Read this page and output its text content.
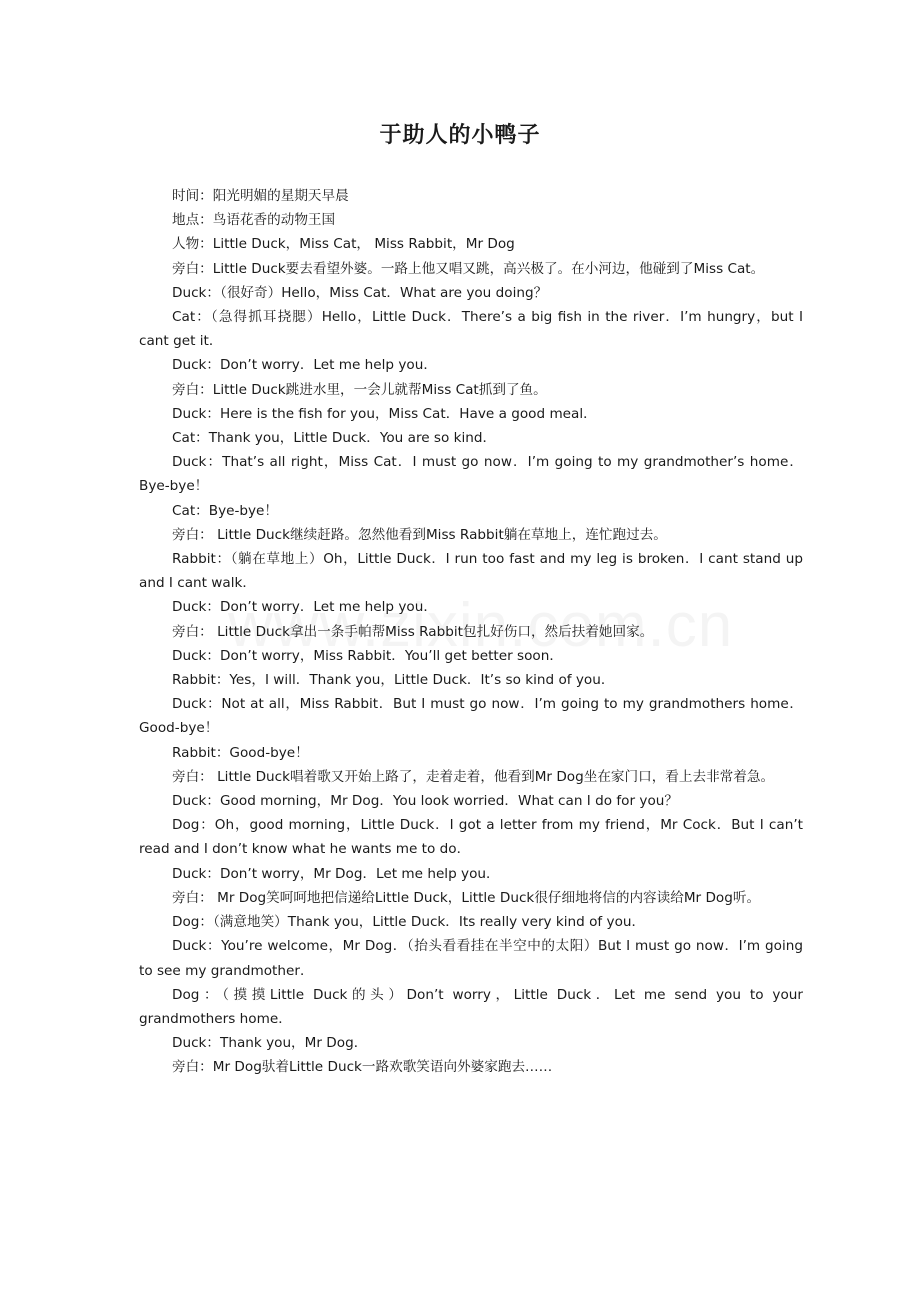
于助人的小鸭子

时间：阳光明媚的星期天早晨

地点：鸟语花香的动物王国

人物：Little Duck，Miss Cat， Miss Rabbit，Mr Dog

旁白：Little Duck要去看望外婆。一路上他又唱又跳，高兴极了。在小河边，他碰到了Miss Cat。

Duck：（很好奇）Hello，Miss Cat．What are you doing？

Cat：（急得抓耳挠腮）Hello，Little Duck．There’s a big fish in the river．I’m hungry，but I cant get it．

Duck：Don’t worry．Let me help you．

旁白：Little Duck跳进水里，一会儿就帮Miss Cat抓到了鱼。

Duck：Here is the fish for you，Miss Cat．Have a good meal．

Cat：Thank you，Little Duck．You are so kind．

Duck：That’s all right，Miss Cat．I must go now．I’m going to my grandmother’s home．Bye-bye！

Cat：Bye-bye！

旁白： Little Duck继续赶路。忽然他看到Miss Rabbit躺在草地上，连忙跑过去。

Rabbit：（躺在草地上）Oh，Little Duck．I run too fast and my leg is broken．I cant stand up and I cant walk．

Duck：Don’t worry．Let me help you．

旁白： Little Duck拿出一条手帕帮Miss Rabbit包扎好伤口，然后扶着她回家。

Duck：Don’t worry，Miss Rabbit．You’ll get better soon．

Rabbit：Yes，I will．Thank you，Little Duck．It’s so kind of you．

Duck：Not at all，Miss Rabbit．But I must go now．I’m going to my grandmothers home．Good-bye！

Rabbit：Good-bye！

旁白： Little Duck唱着歌又开始上路了，走着走着，他看到Mr Dog坐在家门口，看上去非常着急。

Duck：Good morning，Mr Dog．You look worried．What can I do for you？

Dog：Oh，good morning，Little Duck．I got a letter from my friend，Mr Cock．But I can’t read and I don’t know what he wants me to do．

Duck：Don’t worry，Mr Dog．Let me help you．

旁白： Mr Dog笑呵呵地把信递给Little Duck，Little Duck很仔细地将信的内容读给Mr Dog听。

Dog：（满意地笑）Thank you，Little Duck．Its really very kind of you．

Duck：You’re welcome，Mr Dog．（抬头看看挂在半空中的太阳）But I must go now．I’m going to see my grandmother．

Dog：（摸摸Little Duck的头）Don’t worry，Little Duck．Let me send you to your grandmothers home．

Duck：Thank you，Mr Dog．

旁白：Mr Dog驮着Little Duck一路欢歌笑语向外婆家跑去……
